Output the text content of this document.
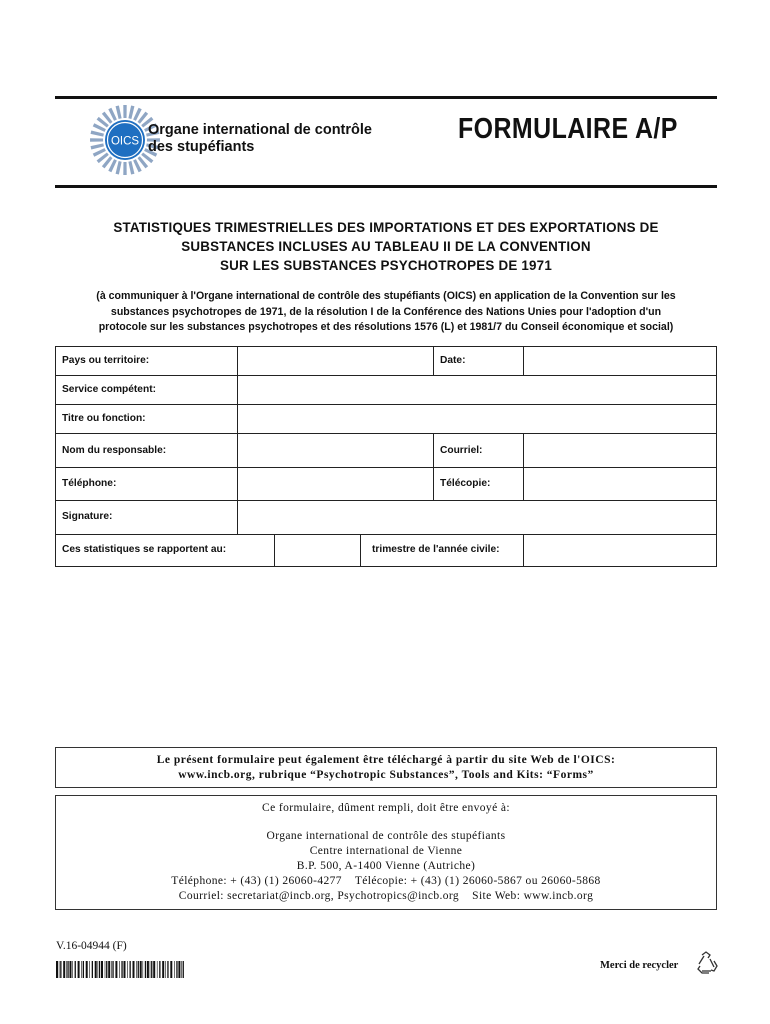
OICS
Organe international de contrôle
des stupéfiants
FORMULAIRE A/P
STATISTIQUES TRIMESTRIELLES DES IMPORTATIONS ET DES EXPORTATIONS DE
SUBSTANCES INCLUSES AU TABLEAU II DE LA CONVENTION
SUR LES SUBSTANCES PSYCHOTROPES DE 1971
(à communiquer à l'Organe international de contrôle des stupéfiants (OICS) en application de la Convention sur les
substances psychotropes de 1971, de la résolution I de la Conférence des Nations Unies pour l'adoption d'un
protocole sur les substances psychotropes et des résolutions 1576 (L) et 1981/7 du Conseil économique et social)
Pays ou territoire:	Date:
Service compétent:
Titre ou fonction:
Nom du responsable:	Courriel:
Téléphone:	Télécopie:
Signature:
Ces statistiques se rapportent au:	trimestre de l'année civile:
Le présent formulaire peut également être téléchargé à partir du site Web de l'OICS:
www.incb.org, rubrique “Psychotropic Substances”, Tools and Kits: “Forms”
Ce formulaire, dûment rempli, doit être envoyé à:
Organe international de contrôle des stupéfiants
Centre international de Vienne
B.P. 500, A-1400 Vienne (Autriche)
Téléphone: + (43) (1) 26060-4277    Télécopie: + (43) (1) 26060-5867 ou 26060-5868
Courriel: secretariat@incb.org, Psychotropics@incb.org    Site Web: www.incb.org
V.16-04944 (F)
Merci de recycler
